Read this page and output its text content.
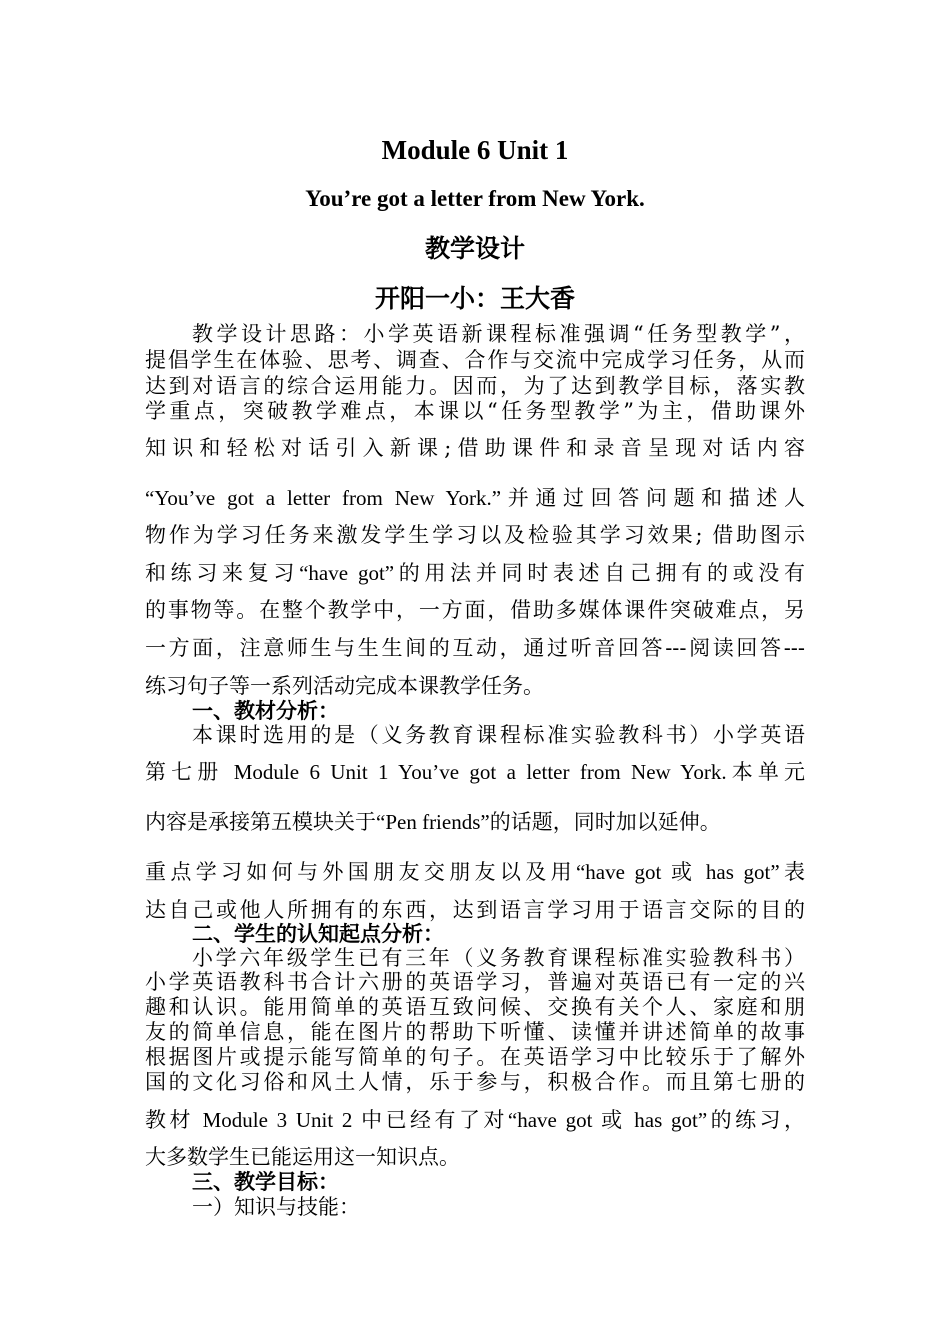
Module 6 Unit 1
You’re got a letter from New York.
教学设计
开阳一小：王大香
教学设计思路：小学英语新课程标准强调“任务型教学”，
提倡学生在体验、思考、调查、合作与交流中完成学习任务，从而
达到对语言的综合运用能力。因而，为了达到教学目标，落实教
学重点，突破教学难点，本课以“任务型教学”为主，借助课外
知识和轻松对话引入新课;借助课件和录音呈现对话内容
“You’ve got a letter from New York.”并通过回答问题和描述人
物作为学习任务来激发学生学习以及检验其学习效果; 借助图示
和练习来复习“have got”的用法并同时表述自己拥有的或没有
的事物等。在整个教学中，一方面，借助多媒体课件突破难点，另
一方面，注意师生与生生间的互动，通过听音回答---阅读回答---
练习句子等一系列活动完成本课教学任务。
一、教材分析：
本课时选用的是（义务教育课程标准实验教科书）小学英语
第七册 Module 6 Unit 1 You’ve got a letter from New York.本单元
内容是承接第五模块关于“Pen friends”的话题，同时加以延伸。
重点学习如何与外国朋友交朋友以及用“have got 或 has got”表
达自己或他人所拥有的东西，达到语言学习用于语言交际的目的
二、学生的认知起点分析：
小学六年级学生已有三年（义务教育课程标准实验教科书）
小学英语教科书合计六册的英语学习，普遍对英语已有一定的兴
趣和认识。能用简单的英语互致问候、交换有关个人、家庭和朋
友的简单信息，能在图片的帮助下听懂、读懂并讲述简单的故事
根据图片或提示能写简单的句子。在英语学习中比较乐于了解外
国的文化习俗和风土人情，乐于参与，积极合作。而且第七册的
教材 Module 3 Unit 2 中已经有了对“have got 或 has got”的练习，
大多数学生已能运用这一知识点。
三、教学目标：
一）知识与技能：
